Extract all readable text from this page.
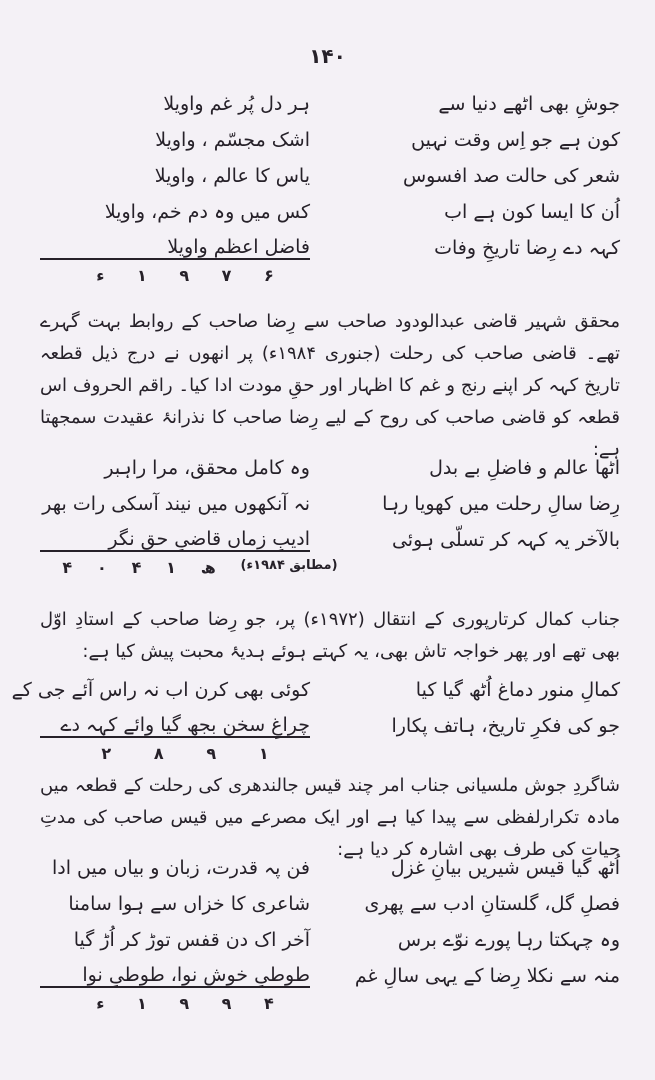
۱۴۰
جوشِ بھی اٹھے دنیا سے
ہر دل پُر غم واویلا
کون ہے جو اِس وقت نہیں
اشک مجسّم ، واویلا
شعر کی حالت صد افسوس
یاس کا عالم ، واویلا
اُن کا ایسا کون ہے اب
کس میں وہ دم خم، واویلا
کہہ دے رِضا تاریخِ وفات
فاضل اعظم واویلا
ء ۱ ۹ ۷ ۶
محقق شہیر قاضی عبدالودود صاحب سے رِضا صاحب کے روابط بہت گہرے تھے۔ قاضی صاحب کی رحلت (جنوری ۱۹۸۴ء) پر انھوں نے درج ذیل قطعہ تاریخ کہہ کر اپنے رنج و غم کا اظہار اور حقِ مودت ادا کیا۔ راقم الحروف اس قطعہ کو قاضی صاحب کی روح کے لیے رِضا صاحب کا نذرانۂ عقیدت سمجھتا ہے:
اٹھا عالم و فاضلِ بے بدل
وہ کامل محقق، مرا راہبر
رِضا سالِ رحلت میں کھویا رہا
نہ آنکھوں میں نیند آسکی رات بھر
بالآخر یہ کہہ کر تسلّی ہوئی
ادیبِ زماں قاضیِ حق نگر
۴ ۰ ۴ ۱ ھ (مطابق ۱۹۸۴ء)
جناب کمال کرتارپوری کے انتقال (۱۹۷۲ء) پر، جو رِضا صاحب کے استادِ اوّل بھی تھے اور پھر خواجہ تاش بھی، یہ کہتے ہوئے ہدیۂ محبت پیش کیا ہے:
کمالِ منور دماغ اُٹھ گیا کیا
کوئی بھی کرن اب نہ راس آئے جی کے
جو کی فکرِ تاریخ، ہاتف پکارا
چراغِ سخن بجھ گیا وائے کہہ دے
۲	۸	۹	۱
شاگردِ جوش ملسیانی جناب امر چند قیس جالندھری کی رحلت کے قطعہ میں مادہ تکرارلفظی سے پیدا کیا ہے اور ایک مصرعے میں قیس صاحب کی مدتِ حیات کی طرف بھی اشارہ کر دیا ہے:
اُٹھ گیا قیس شیریں بیانِ غزل
فن پہ قدرت، زبان و بیاں میں ادا
فصلِ گل، گلستانِ ادب سے پھری
شاعری کا خزاں سے ہوا سامنا
وہ چہکتا رہا پورے نوّے برس
آخر اک دن قفس توڑ کر اُڑ گیا
منہ سے نکلا رِضا کے یہی سالِ غم
طوطیِ خوش نوا، طوطیِ نوا
ء ۱ ۹ ۹ ۴
